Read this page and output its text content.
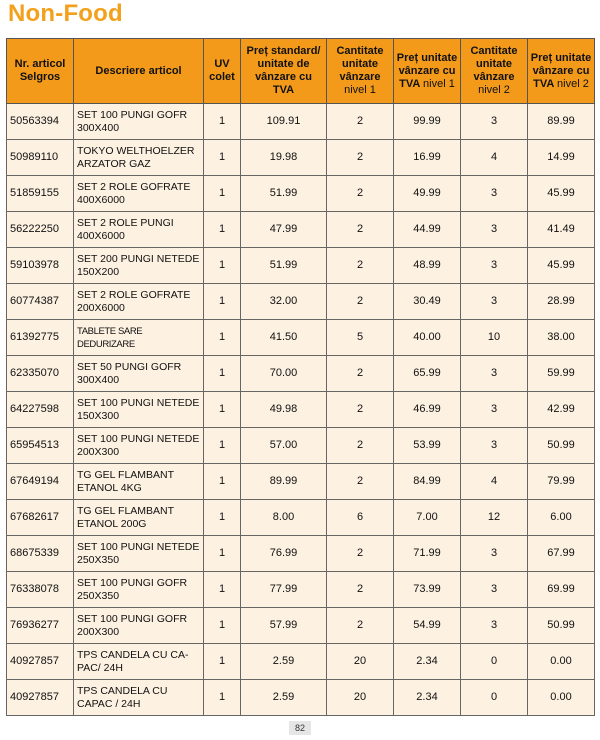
Non-Food
Nr. articol Selgros	Descriere articol	UV colet	Preț standard/ unitate de vânzare cu TVA	Cantitate unitate vânzare nivel 1	Preț unitate vânzare cu TVA nivel 1	Cantitate unitate vânzare nivel 2	Preț unitate vânzare cu TVA nivel 2
50563394	SET 100 PUNGI GOFR 300X400	1	109.91	2	99.99	3	89.99
50989110	TOKYO WELTHOELZER ARZATOR GAZ	1	19.98	2	16.99	4	14.99
51859155	SET 2 ROLE GOFRATE 400X6000	1	51.99	2	49.99	3	45.99
56222250	SET 2 ROLE PUNGI 400X6000	1	47.99	2	44.99	3	41.49
59103978	SET 200 PUNGI NETEDE 150X200	1	51.99	2	48.99	3	45.99
60774387	SET 2 ROLE GOFRATE 200X6000	1	32.00	2	30.49	3	28.99
61392775	TABLETE SARE DEDURIZARE	1	41.50	5	40.00	10	38.00
62335070	SET 50 PUNGI GOFR 300X400	1	70.00	2	65.99	3	59.99
64227598	SET 100 PUNGI NETEDE 150X300	1	49.98	2	46.99	3	42.99
65954513	SET 100 PUNGI NETEDE 200X300	1	57.00	2	53.99	3	50.99
67649194	TG GEL FLAMBANT ETANOL 4KG	1	89.99	2	84.99	4	79.99
67682617	TG GEL FLAMBANT ETANOL 200G	1	8.00	6	7.00	12	6.00
68675339	SET 100 PUNGI NETEDE 250X350	1	76.99	2	71.99	3	67.99
76338078	SET 100 PUNGI GOFR 250X350	1	77.99	2	73.99	3	69.99
76936277	SET 100 PUNGI GOFR 200X300	1	57.99	2	54.99	3	50.99
40927857	TPS CANDELA CU CA- PAC/ 24H	1	2.59	20	2.34	0	0.00
40927857	TPS CANDELA CU CAPAC / 24H	1	2.59	20	2.34	0	0.00
82
